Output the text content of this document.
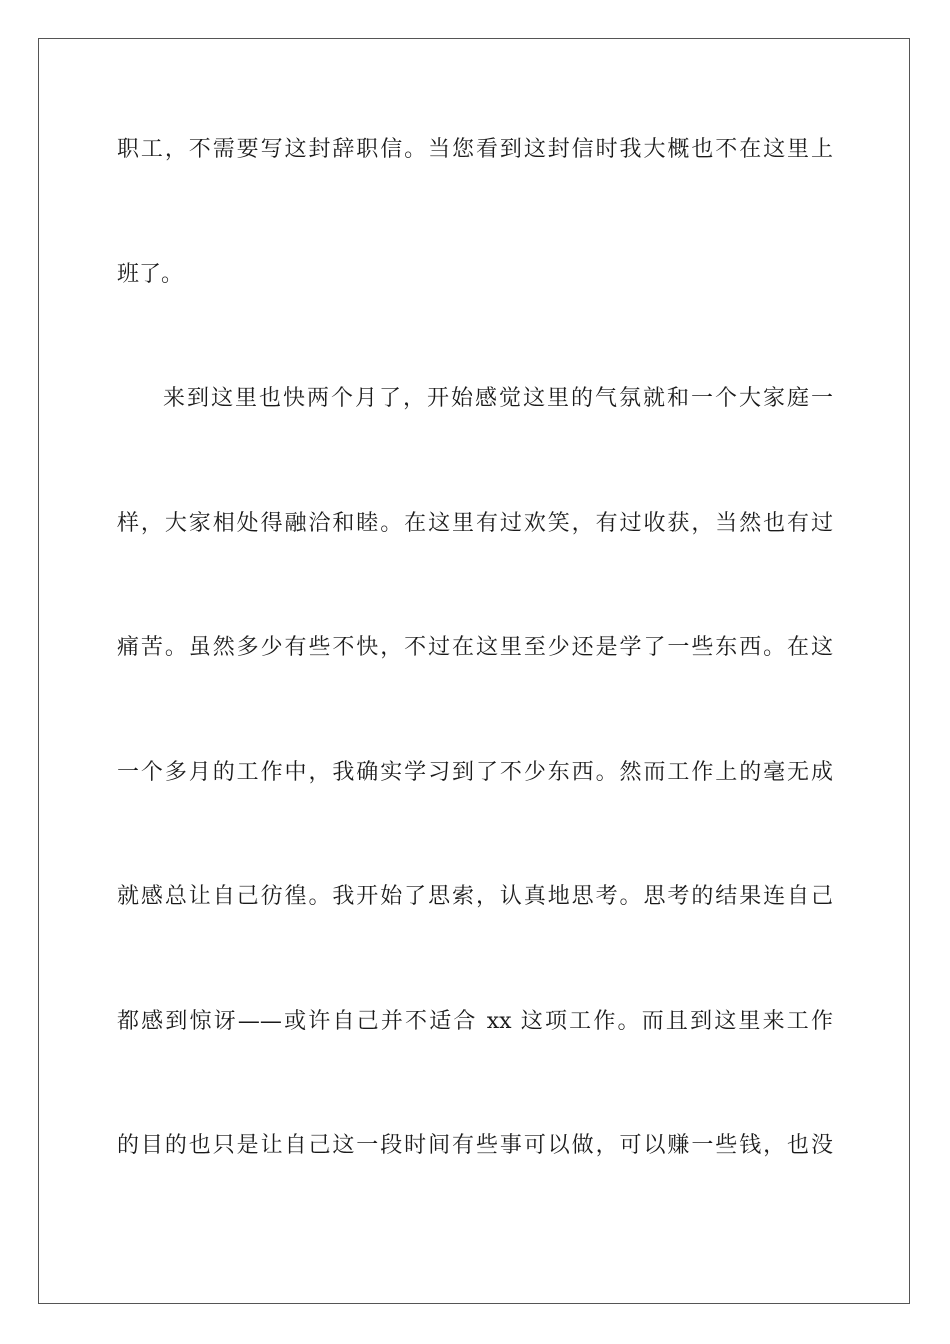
职工，不需要写这封辞职信。当您看到这封信时我大概也不在这里上
班了。
来到这里也快两个月了，开始感觉这里的气氛就和一个大家庭一
样，大家相处得融洽和睦。在这里有过欢笑，有过收获，当然也有过
痛苦。虽然多少有些不快，不过在这里至少还是学了一些东西。在这
一个多月的工作中，我确实学习到了不少东西。然而工作上的毫无成
就感总让自己彷徨。我开始了思索，认真地思考。思考的结果连自己
都感到惊讶——或许自己并不适合 xx 这项工作。而且到这里来工作
的目的也只是让自己这一段时间有些事可以做，可以赚一些钱，也没
